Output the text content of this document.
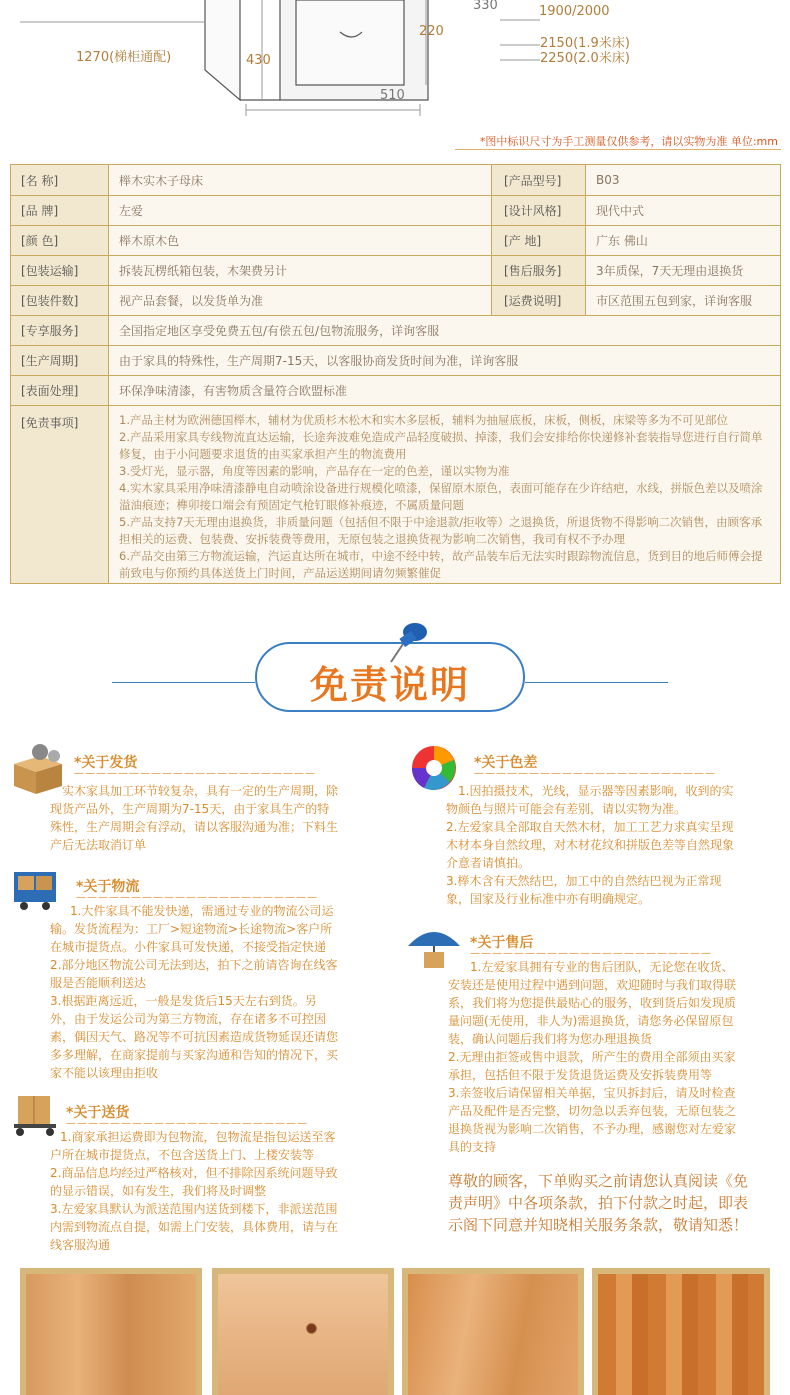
330	1900/2000
1270(梯柜通配)
220
2150(1.9米床)
2250(2.0米床)
430
510
*图中标识尺寸为手工测量仅供参考，请以实物为准 单位:mm
[名 称]	榉木实木子母床	[产品型号]	B03
[品 牌]	左爱	[设计风格]	现代中式
[颜 色]	榉木原木色	[产 地]	广东 佛山
[包装运输]	拆装瓦楞纸箱包装，木架费另计	[售后服务]	3年质保，7天无理由退换货
[包装件数]	视产品套餐，以发货单为准	[运费说明]	市区范围五包到家，详询客服
[专享服务]	全国指定地区享受免费五包/有偿五包/包物流服务，详询客服
[生产周期]	由于家具的特殊性，生产周期7-15天，以客服协商发货时间为准，详询客服
[表面处理]	环保净味清漆，有害物质含量符合欧盟标准
[免责事项]	1.产品主材为欧洲德国榉木，辅材为优质杉木松木和实木多层板，辅料为抽屉底板，床板，侧板，床梁等多为不可见部位

2.产品采用家具专线物流直达运输，长途奔波难免造成产品轻度破损、掉漆，我们会安排给你快递修补套装指导您进行自行简单修复，由于小问题要求退货的由买家承担产生的物流费用

3.受灯光，显示器，角度等因素的影响，产品存在一定的色差，谨以实物为准

4.实木家具采用净味清漆静电自动喷涂设备进行规模化喷漆，保留原木原色，表面可能存在少许结疤，水线，拼版色差以及喷涂溢油痕迹；榫卯接口端会有预固定气枪钉眼修补痕迹，不属质量问题

5.产品支持7天无理由退换货，非质量问题（包括但不限于中途退款/拒收等）之退换货，所退货物不得影响二次销售，由顾客承担相关的运费、包装费、安拆装费等费用，无原包装之退换货视为影响二次销售，我司有权不予办理

6.产品交由第三方物流运输，汽运直达所在城市，中途不经中转，故产品装车后无法实时跟踪物流信息，货到目的地后师傅会提前致电与你预约具体送货上门时间，产品运送期间请勿频繁催促

免责说明
*关于发货
——————————————————————

实木家具加工环节较复杂，具有一定的生产周期，除现货产品外，生产周期为7-15天，由于家具生产的特殊性，生产周期会有浮动，请以客服沟通为准；下料生产后无法取消订单

*关于物流
——————————————————————

1.大件家具不能发快递，需通过专业的物流公司运输。发货流程为：工厂>短途物流>长途物流>客户所在城市提货点。小件家具可发快递，不接受指定快递

2.部分地区物流公司无法到达，拍下之前请咨询在线客服是否能顺利送达

3.根据距离远近，一般是发货后15天左右到货。另外，由于发运公司为第三方物流，存在诸多不可控因素，偶因天气、路况等不可抗因素造成货物延误还请您多多理解，在商家提前与买家沟通和告知的情况下，买家不能以该理由拒收

*关于送货
——————————————————————

1.商家承担运费即为包物流，包物流是指包运送至客户所在城市提货点，不包含送货上门、上楼安装等

2.商品信息均经过严格核对，但不排除因系统问题导致的显示错误，如有发生，我们将及时调整

3.左爱家具默认为派送范围内送货到楼下，非派送范围内需到物流点自提，如需上门安装，具体费用，请与在线客服沟通

*关于色差
——————————————————————

1.因拍摄技术，光线，显示器等因素影响，收到的实物颜色与照片可能会有差别，请以实物为准。

2.左爱家具全部取自天然木材，加工工艺力求真实呈现木材本身自然纹理，对木材花纹和拼版色差等自然现象介意者请慎拍。

3.榉木含有天然结巴，加工中的自然结巴视为正常现象，国家及行业标准中亦有明确规定。

*关于售后
——————————————————————

1.左爱家具拥有专业的售后团队，无论您在收货、安装还是使用过程中遇到问题，欢迎随时与我们取得联系，我们将为您提供最贴心的服务，收到货后如发现质量问题(无使用，非人为)需退换货，请您务必保留原包装，确认问题后我们将为您办理退换货

2.无理由拒签或售中退款，所产生的费用全部须由买家承担，包括但不限于发货退货运费及安拆装费用等

3.亲签收后请保留相关单据，宝贝拆封后，请及时检查产品及配件是否完整，切勿急以丢弃包装，无原包装之退换货视为影响二次销售，不予办理，感谢您对左爱家具的支持

尊敬的顾客，下单购买之前请您认真阅读《免责声明》中各项条款，拍下付款之时起，即表示阁下同意并知晓相关服务条款，敬请知悉！
